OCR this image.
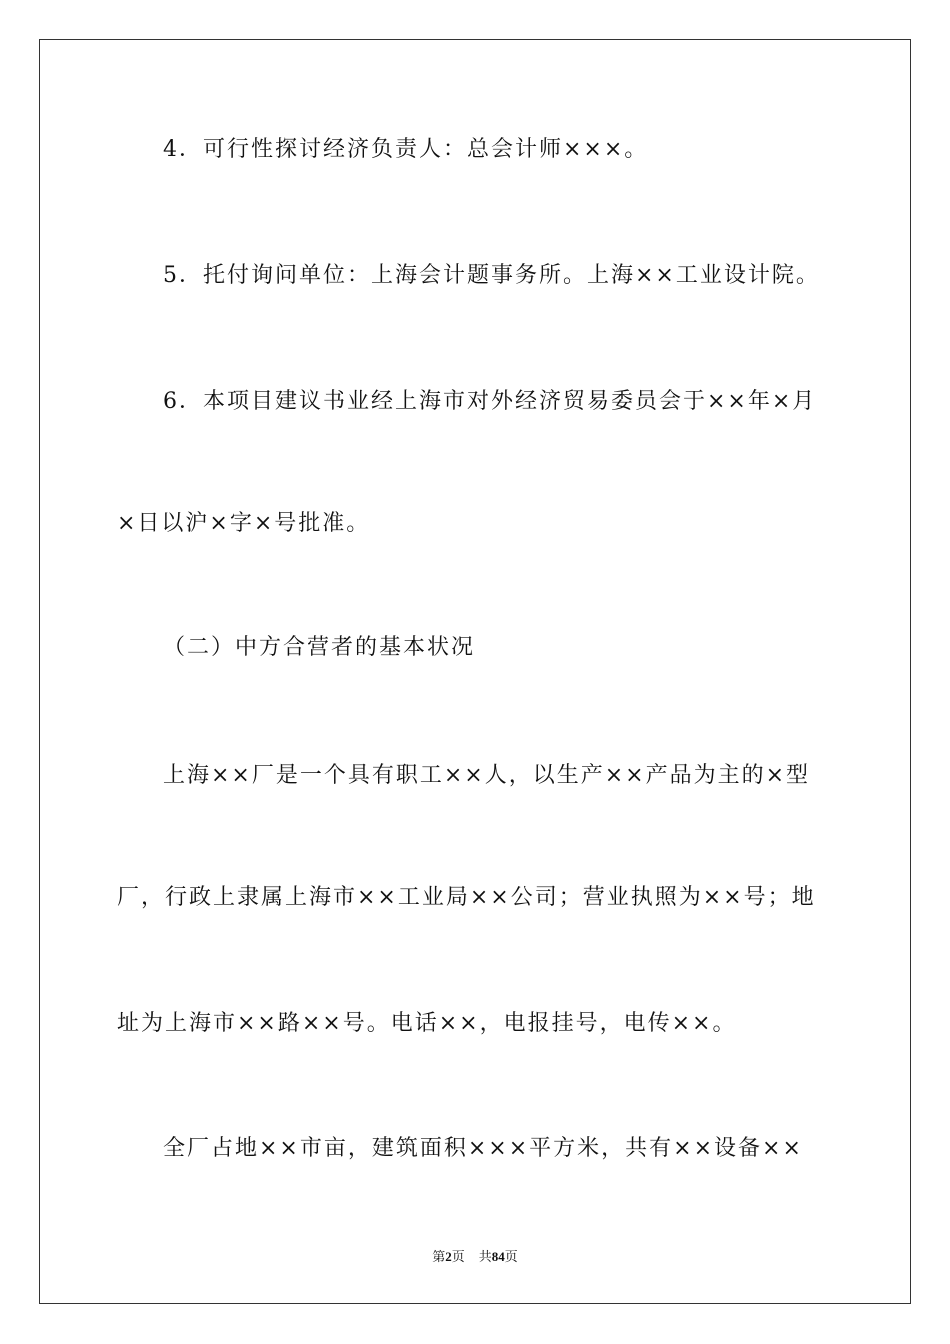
4．可行性探讨经济负责人：总会计师×××。
5．托付询问单位：上海会计题事务所。上海××工业设计院。
6．本项目建议书业经上海市对外经济贸易委员会于××年×月
×日以沪×字×号批准。
（二）中方合营者的基本状况
上海××厂是一个具有职工××人，以生产××产品为主的×型
厂，行政上隶属上海市××工业局××公司；营业执照为××号；地
址为上海市××路××号。电话××，电报挂号，电传××。
全厂占地××市亩，建筑面积×××平方米，共有××设备××
第2页 共84页
